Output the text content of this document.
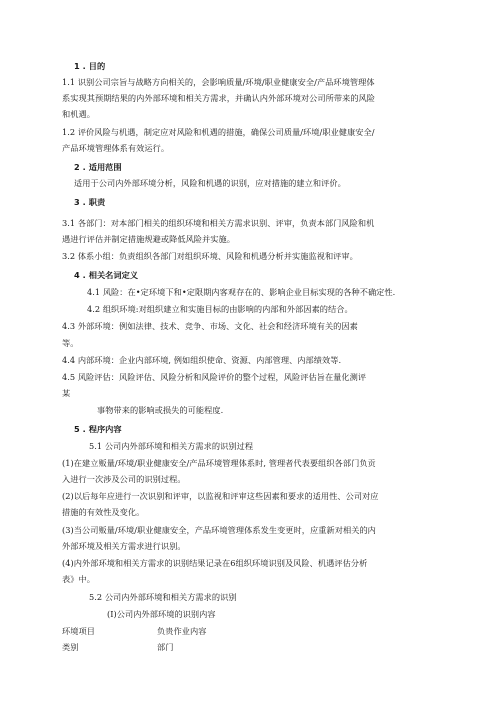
1 . 目的
1.1 识别公司宗旨与战略方向相关的，会影响质量/环境/职业健康安全/产品环境管理体
系实现其预期结果的内外部环境和相关方需求，并确认内外部环境对公司所带来的风险
和机遇。
1.2 评价风险与机遇，制定应对风险和机遇的措施，确保公司质量/环境/职业健康安全/
产品环境管理体系有效运行。
2 . 适用范围
适用于公司内外部环境分析，风险和机遇的识别，应对措施的建立和评价。
3 . 职责
3.1 各部门：对本部门相关的组织环境和相关方需求识别、评审，负责本部门风险和机
遇进行评估并制定措施规避或降低风险并实施。
3.2 体系小组：负责组织各部门对组织环境、风险和机遇分析并实施监视和评审。
4 . 相关名词定义
4.1 风险：在•定环境下和•定限期内客观存在的、影响企业目标实现的各种不确定性.
4.2 组织环境:对组织建立和实施目标的由影响的内部和外部因素的结合。
4.3 外部环境：例如法律、技术、竞争、市场、文化、社会和经济环境有关的因素
等。
4.4 内部环境：企业内部环境, 例如组织使命、资源、内部管理、内部绩效等.
4.5 风险评估：风险评估、风险分析和风险评价的整个过程，风险评估旨在量化测评
某
事物带来的影响或损失的可能程度.
5 . 程序内容
5.1 公司内外部环境和相关方需求的识别过程
(1)在建立贩量/环境/职业健康安全/产品环境管理体系时, 管理者代表要组织各部门负贡
入进行一次涉及公司的识别过程。
(2)以后每年应进行一次识别和评审，以监视和评审这些因素和要求的适用性、公司对应
措施的有效性及变化。
(3)当公司贩量/环境/职业健康安全，产品环境管理体系发生变更时，应重新对相关的内
外部环境及相关方需求进行识别。
(4)内外部环境和相关方需求的识别结果记录在6组织环境识别及风险、机遇评估分析
表》中。
5.2 公司内外部环境和相关方需求的识别
(I)公司内外部环境的识别内容
环境项目	负贵作业内容
类别	部门
